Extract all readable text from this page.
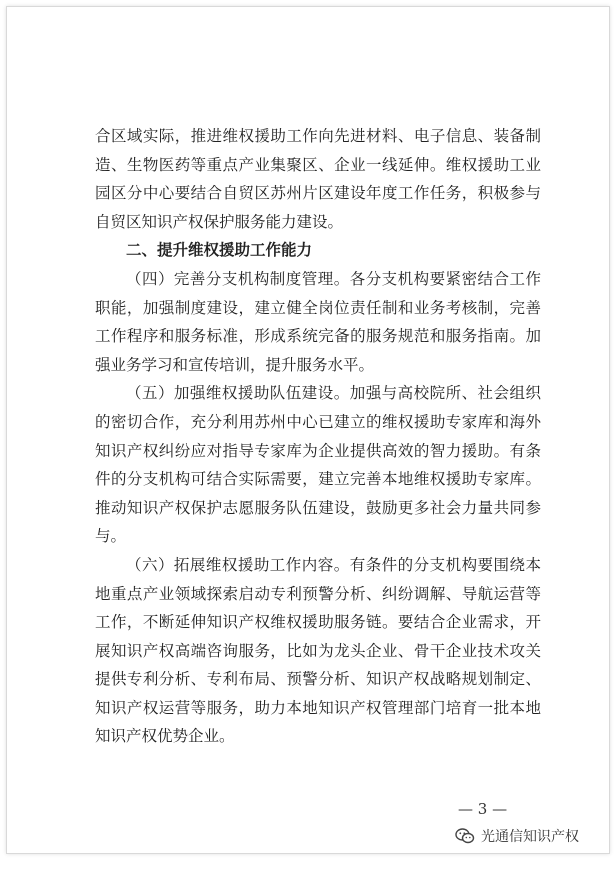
合区域实际，推进维权援助工作向先进材料、电子信息、装备制造、生物医药等重点产业集聚区、企业一线延伸。维权援助工业园区分中心要结合自贸区苏州片区建设年度工作任务，积极参与自贸区知识产权保护服务能力建设。

二、提升维权援助工作能力

（四）完善分支机构制度管理。各分支机构要紧密结合工作职能，加强制度建设，建立健全岗位责任制和业务考核制，完善工作程序和服务标准，形成系统完备的服务规范和服务指南。加强业务学习和宣传培训，提升服务水平。

（五）加强维权援助队伍建设。加强与高校院所、社会组织的密切合作，充分利用苏州中心已建立的维权援助专家库和海外知识产权纠纷应对指导专家库为企业提供高效的智力援助。有条件的分支机构可结合实际需要，建立完善本地维权援助专家库。推动知识产权保护志愿服务队伍建设，鼓励更多社会力量共同参与。

（六）拓展维权援助工作内容。有条件的分支机构要围绕本地重点产业领域探索启动专利预警分析、纠纷调解、导航运营等工作，不断延伸知识产权维权援助服务链。要结合企业需求，开展知识产权高端咨询服务，比如为龙头企业、骨干企业技术攻关提供专利分析、专利布局、预警分析、知识产权战略规划制定、知识产权运营等服务，助力本地知识产权管理部门培育一批本地知识产权优势企业。

— 3 —
光通信知识产权
